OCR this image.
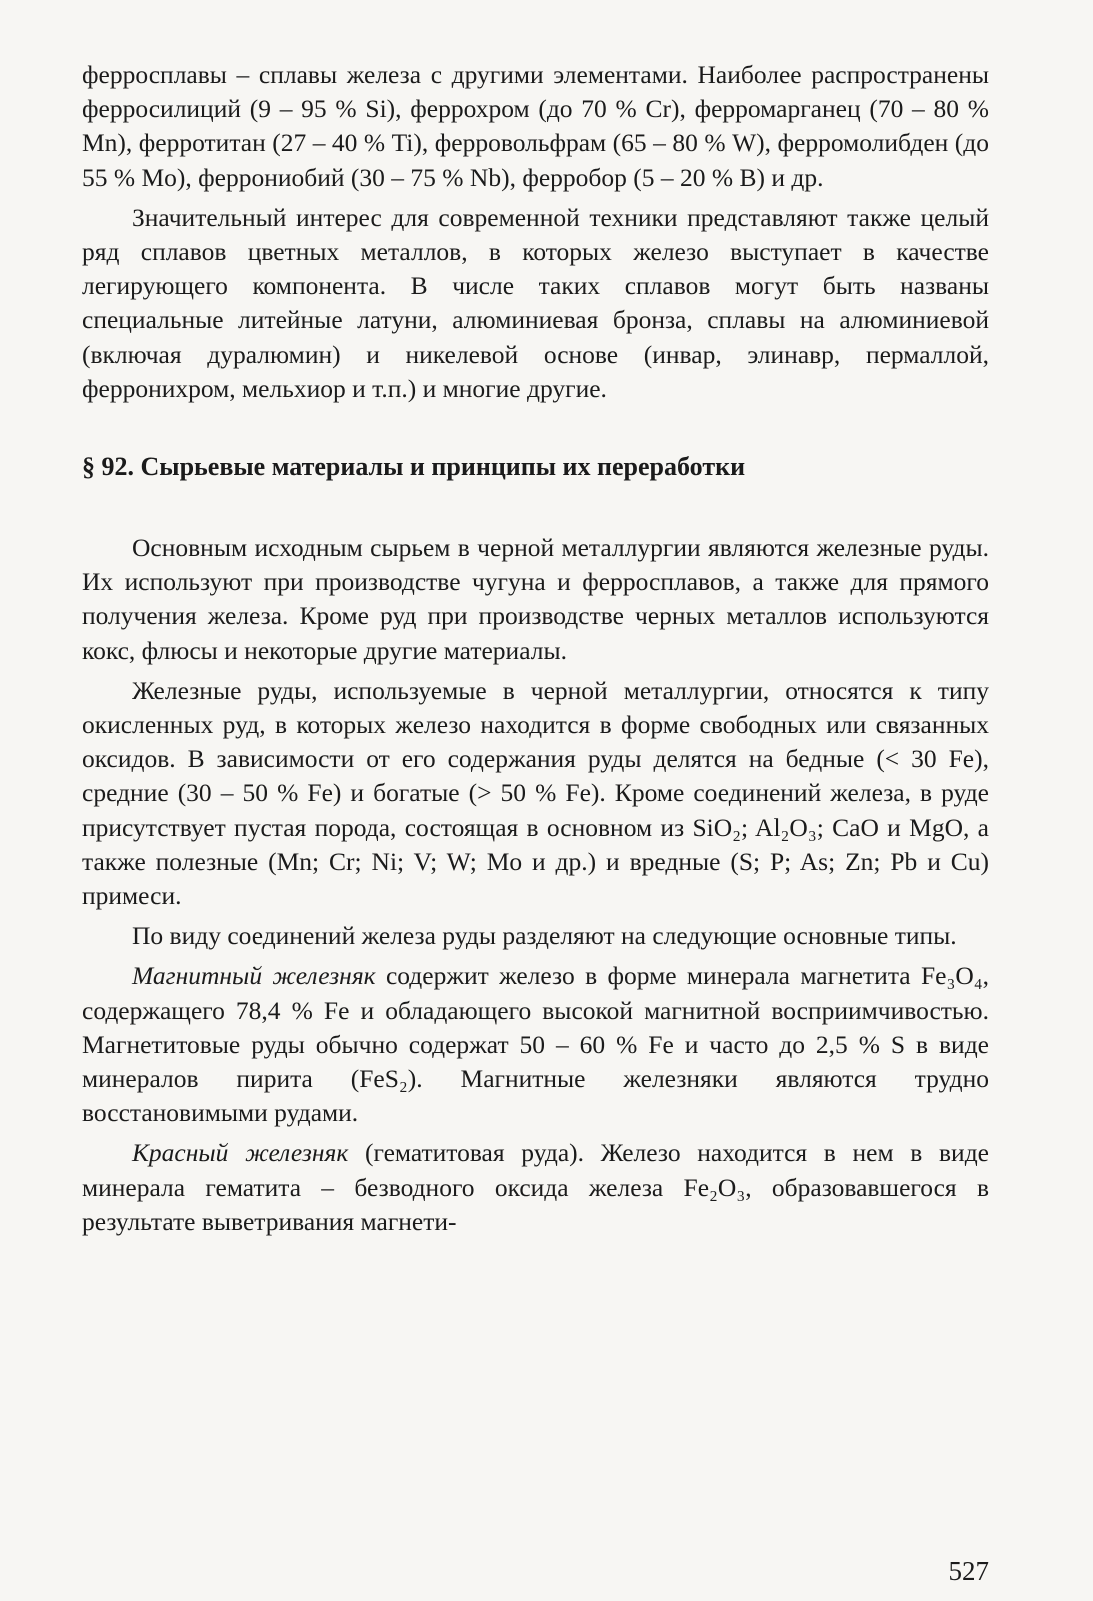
ферросплавы – сплавы железа с другими элементами. Наиболее распространены ферросилиций (9 – 95 % Si), феррохром (до 70 % Cr), ферромарганец (70 – 80 % Mn), ферротитан (27 – 40 % Ti), ферровольфрам (65 – 80 % W), ферромолибден (до 55 % Mo), феррониобий (30 – 75 % Nb), ферробор (5 – 20 % B) и др.

Значительный интерес для современной техники представляют также целый ряд сплавов цветных металлов, в которых железо выступает в качестве легирующего компонента. В числе таких сплавов могут быть названы специальные литейные латуни, алюминиевая бронза, сплавы на алюминиевой (включая дуралюмин) и никелевой основе (инвар, элинавр, пермаллой, ферронихром, мельхиор и т.п.) и многие другие.

§ 92. Сырьевые материалы и принципы их переработки

Основным исходным сырьем в черной металлургии являются железные руды. Их используют при производстве чугуна и ферросплавов, а также для прямого получения железа. Кроме руд при производстве черных металлов используются кокс, флюсы и некоторые другие материалы.

Железные руды, используемые в черной металлургии, относятся к типу окисленных руд, в которых железо находится в форме свободных или связанных оксидов. В зависимости от его содержания руды делятся на бедные (< 30 Fe), средние (30 – 50 % Fe) и богатые (> 50 % Fe). Кроме соединений железа, в руде присутствует пустая порода, состоящая в основном из SiO₂; Al₂O₃; CaO и MgO, а также полезные (Mn; Cr; Ni; V; W; Mo и др.) и вредные (S; P; As; Zn; Pb и Cu) примеси.

По виду соединений железа руды разделяют на следующие основные типы.

Магнитный железняк содержит железо в форме минерала магнетита Fe₃O₄, содержащего 78,4 % Fe и обладающего высокой магнитной восприимчивостью. Магнетитовые руды обычно содержат 50 – 60 % Fe и часто до 2,5 % S в виде минералов пирита (FeS₂). Магнитные железняки являются трудно восстановимыми рудами.

Красный железняк (гематитовая руда). Железо находится в нем в виде минерала гематита – безводного оксида железа Fe₂O₃, образовавшегося в результате выветривания магнети-

527
